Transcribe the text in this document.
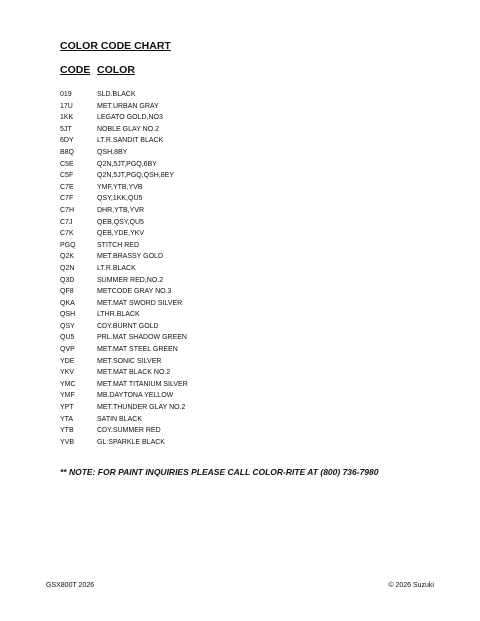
COLOR CODE CHART
CODE COLOR
019	SLD.BLACK
17U	MET.URBAN GRAY
1KK	LEGATO GOLD,NO3
5JT	NOBLE GLAY NO.2
6DY	LT.R.SANDIT BLACK
B8Q	QSH,8BY
C5E	Q2N,5JT,PGQ,6BY
C5F	Q2N,5JT,PGQ,QSH,8EY
C7E	YMF,YTB,YVB
C7F	QSY,1KK,QU5
C7H	DHR,YTB,YVR
C7J	QEB,QSY,QU5
C7K	QEB,YDE,YKV
PGQ	STITCH RED
Q2K	MET.BRASSY GOLD
Q2N	LT.R.BLACK
Q3D	SUMMER RED,NO.2
QF8	METCODE GRAY NO.3
QKA	MET.MAT SWORD SILVER
QSH	LTHR.BLACK
QSY	CDY.BURNT GOLD
QU5	PRL.MAT SHADOW GREEN
QVP	MET.MAT STEEL GREEN
YDE	MET.SONIC SILVER
YKV	MET.MAT BLACK NO.2
YMC	MET.MAT TITANIUM SILVER
YMF	MB.DAYTONA YELLOW
YPT	MET.THUNDER GLAY NO.2
YTA	SATIN BLACK
YTB	CDY.SUMMER RED
YVB	GL.SPARKLE BLACK
** NOTE: FOR PAINT INQUIRIES PLEASE CALL COLOR-RITE AT (800) 736-7980
GSX800T 2026	© 2026 Suzuki
